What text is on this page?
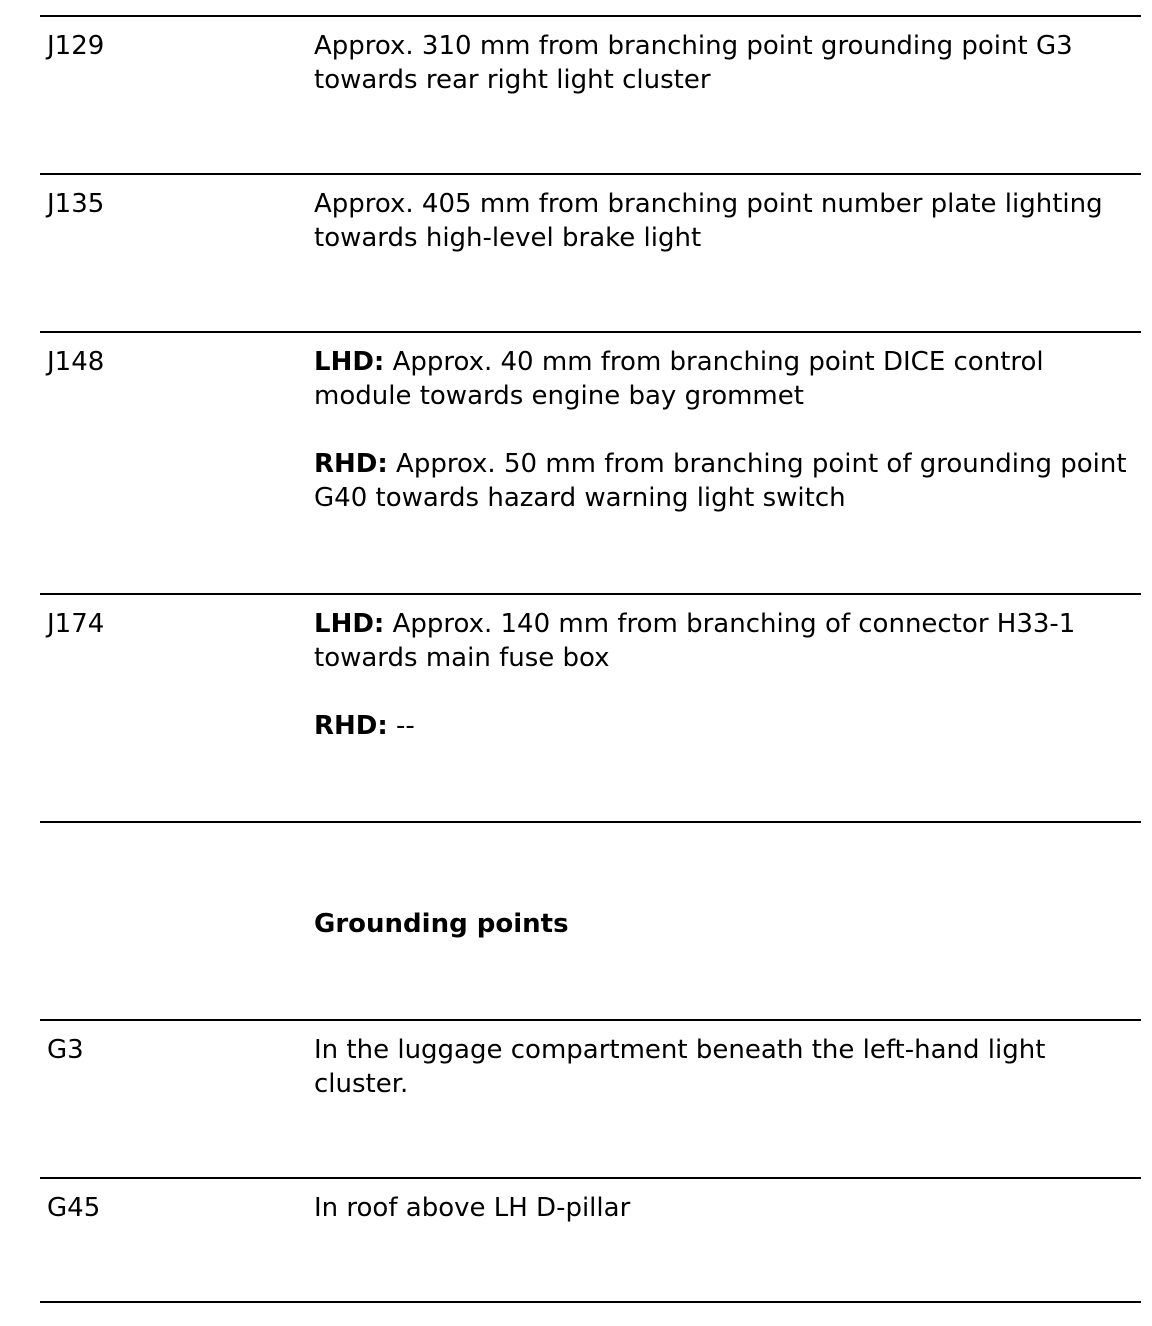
J129	Approx. 310 mm from branching point grounding point G3 towards rear right light cluster

J135	Approx. 405 mm from branching point number plate lighting towards high-level brake light

J148	LHD: Approx. 40 mm from branching point DICE control module towards engine bay grommet

RHD: Approx. 50 mm from branching point of grounding point G40 towards hazard warning light switch

J174	LHD: Approx. 140 mm from branching of connector H33-1 towards main fuse box

RHD: --

Grounding points
G3	In the luggage compartment beneath the left-hand light cluster.

G45	In roof above LH D-pillar
